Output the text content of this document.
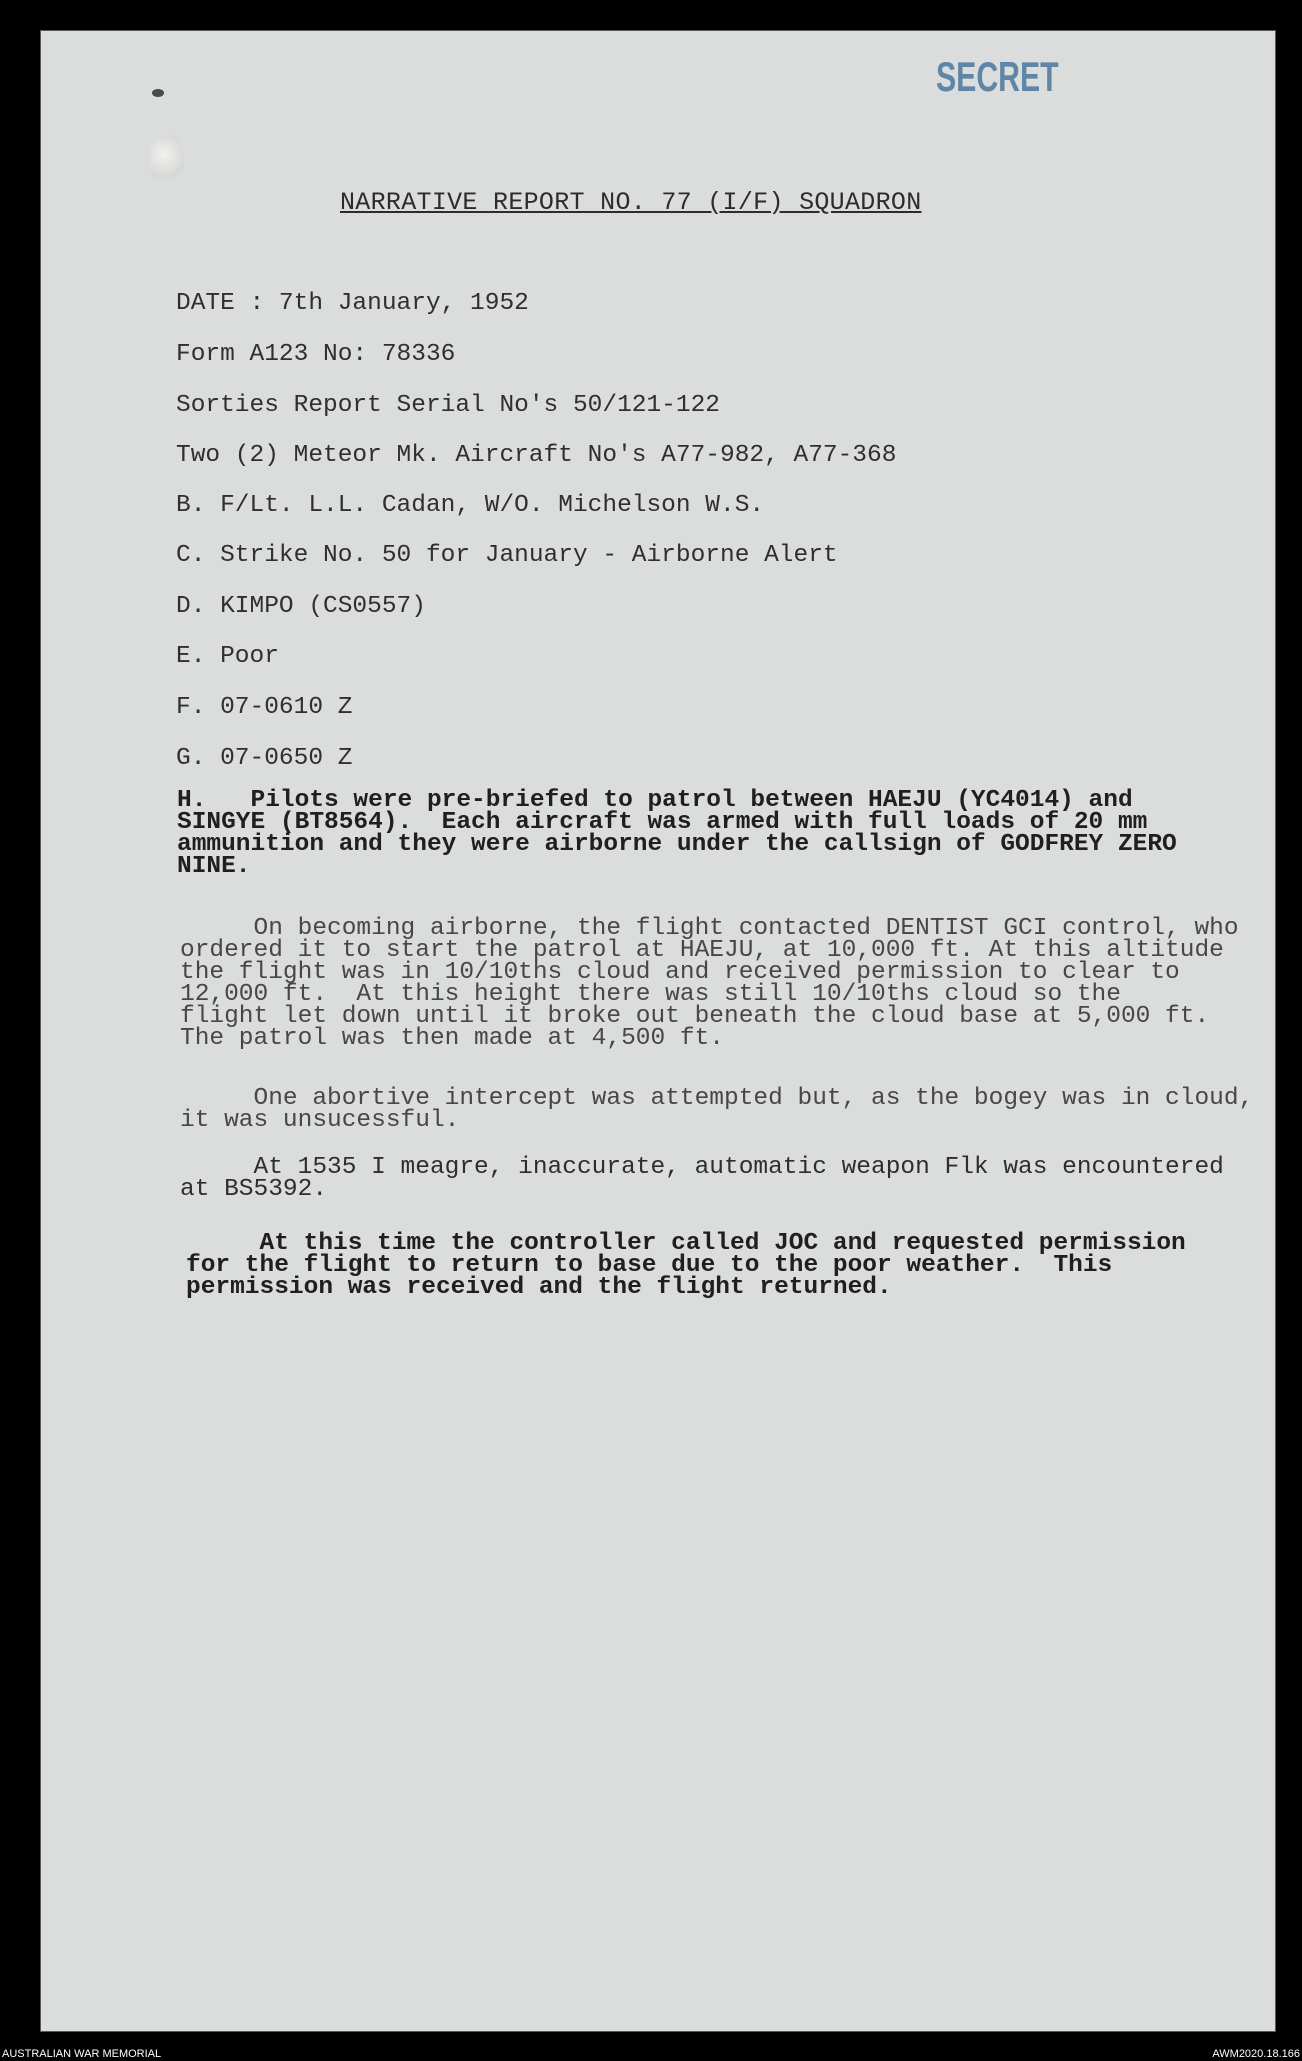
SECRET
NARRATIVE REPORT NO. 77 (I/F) SQUADRON
DATE : 7th January, 1952
Form A123 No: 78336
Sorties Report Serial No's 50/121-122
Two (2) Meteor Mk. Aircraft No's A77-982, A77-368
B. F/Lt. L.L. Cadan, W/O. Michelson W.S.
C. Strike No. 50 for January - Airborne Alert
D. KIMPO (CS0557)
E. Poor
F. 07-0610 Z
G. 07-0650 Z
H.   Pilots were pre-briefed to patrol between HAEJU (YC4014) and
SINGYE (BT8564).  Each aircraft was armed with full loads of 20 mm
ammunition and they were airborne under the callsign of GODFREY ZERO
NINE.
On becoming airborne, the flight contacted DENTIST GCI control, who
ordered it to start the patrol at HAEJU, at 10,000 ft. At this altitude
the flight was in 10/10ths cloud and received permission to clear to
12,000 ft.  At this height there was still 10/10ths cloud so the
flight let down until it broke out beneath the cloud base at 5,000 ft.
The patrol was then made at 4,500 ft.
One abortive intercept was attempted but, as the bogey was in cloud,
it was unsucessful.
At 1535 I meagre, inaccurate, automatic weapon Flk was encountered
at BS5392.
At this time the controller called JOC and requested permission
for the flight to return to base due to the poor weather.  This
permission was received and the flight returned.
AUSTRALIAN WAR MEMORIAL	AWM2020.18.166
